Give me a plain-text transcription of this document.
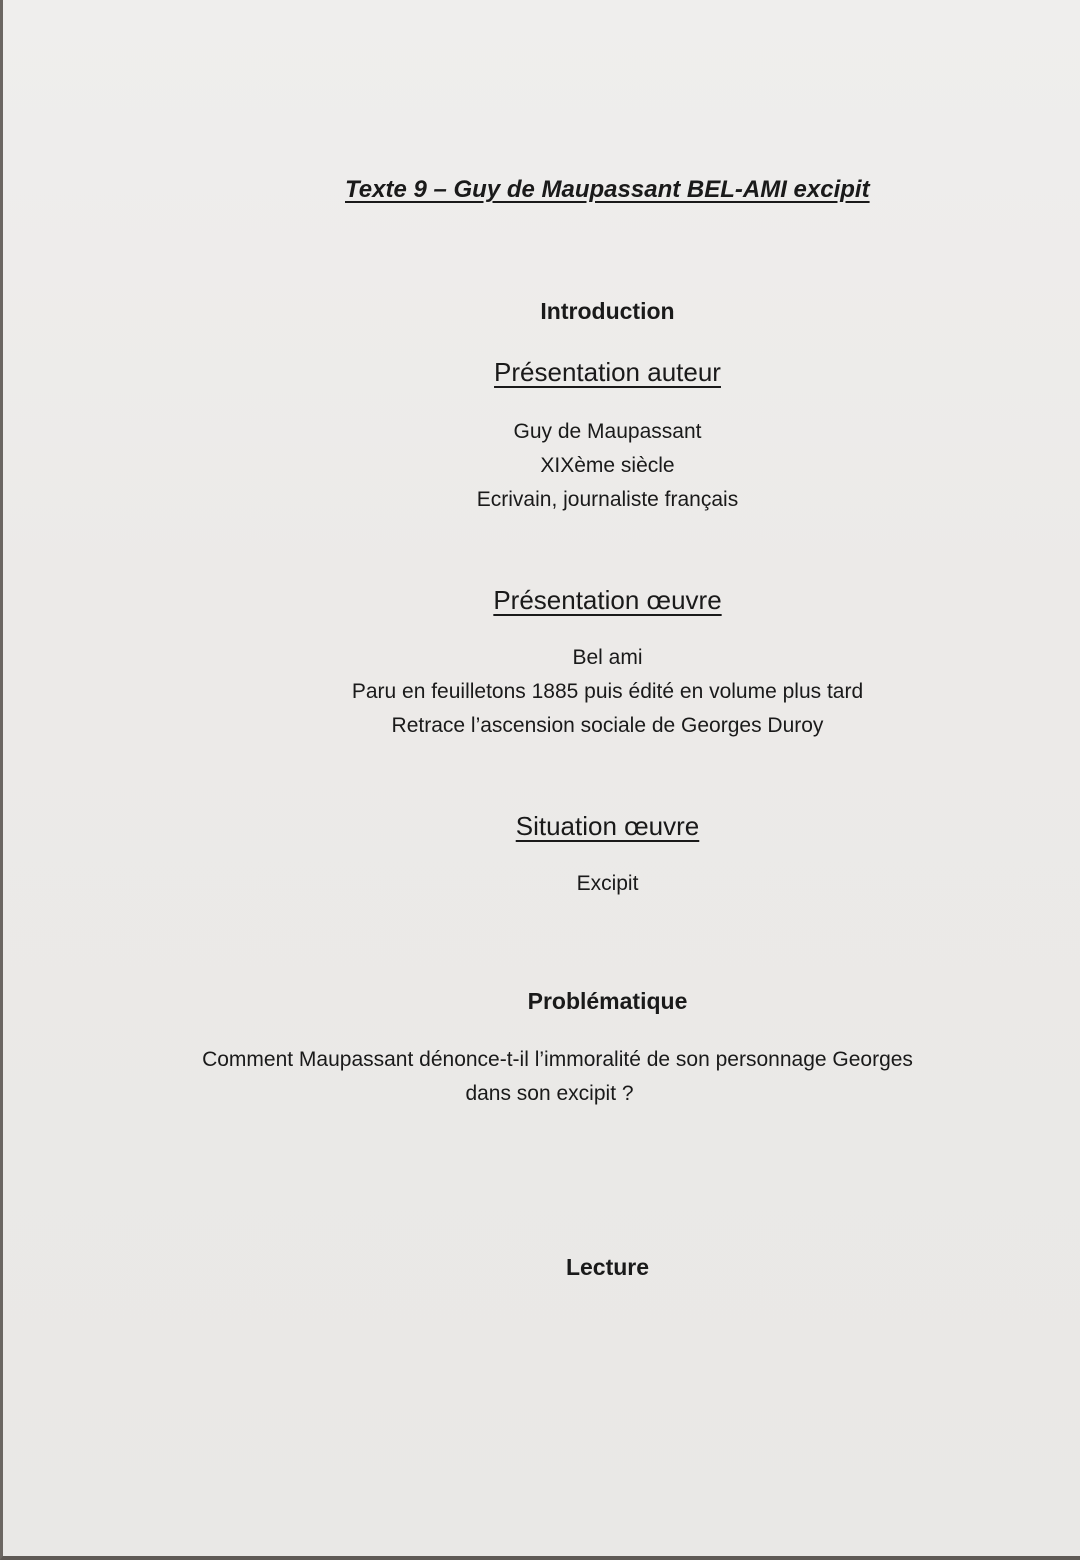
Texte 9 – Guy de Maupassant BEL-AMI excipit
Introduction
Présentation auteur
Guy de Maupassant
XIXème siècle
Ecrivain, journaliste français
Présentation œuvre
Bel ami
Paru en feuilletons 1885 puis édité en volume plus tard
Retrace l’ascension sociale de Georges Duroy
Situation œuvre
Excipit
Problématique
Comment Maupassant dénonce-t-il l’immoralité de son personnage Georges
dans son excipit ?
Lecture
